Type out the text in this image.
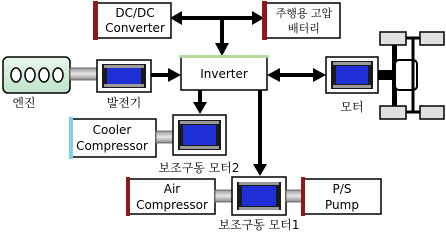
DC/DC
Converter
주행용 고압
배터리
Inverter
엔진	발전기	모터
Cooler
Compressor
보조구동 모터2
Air
Compressor
보조구동 모터1
P/S
Pump
